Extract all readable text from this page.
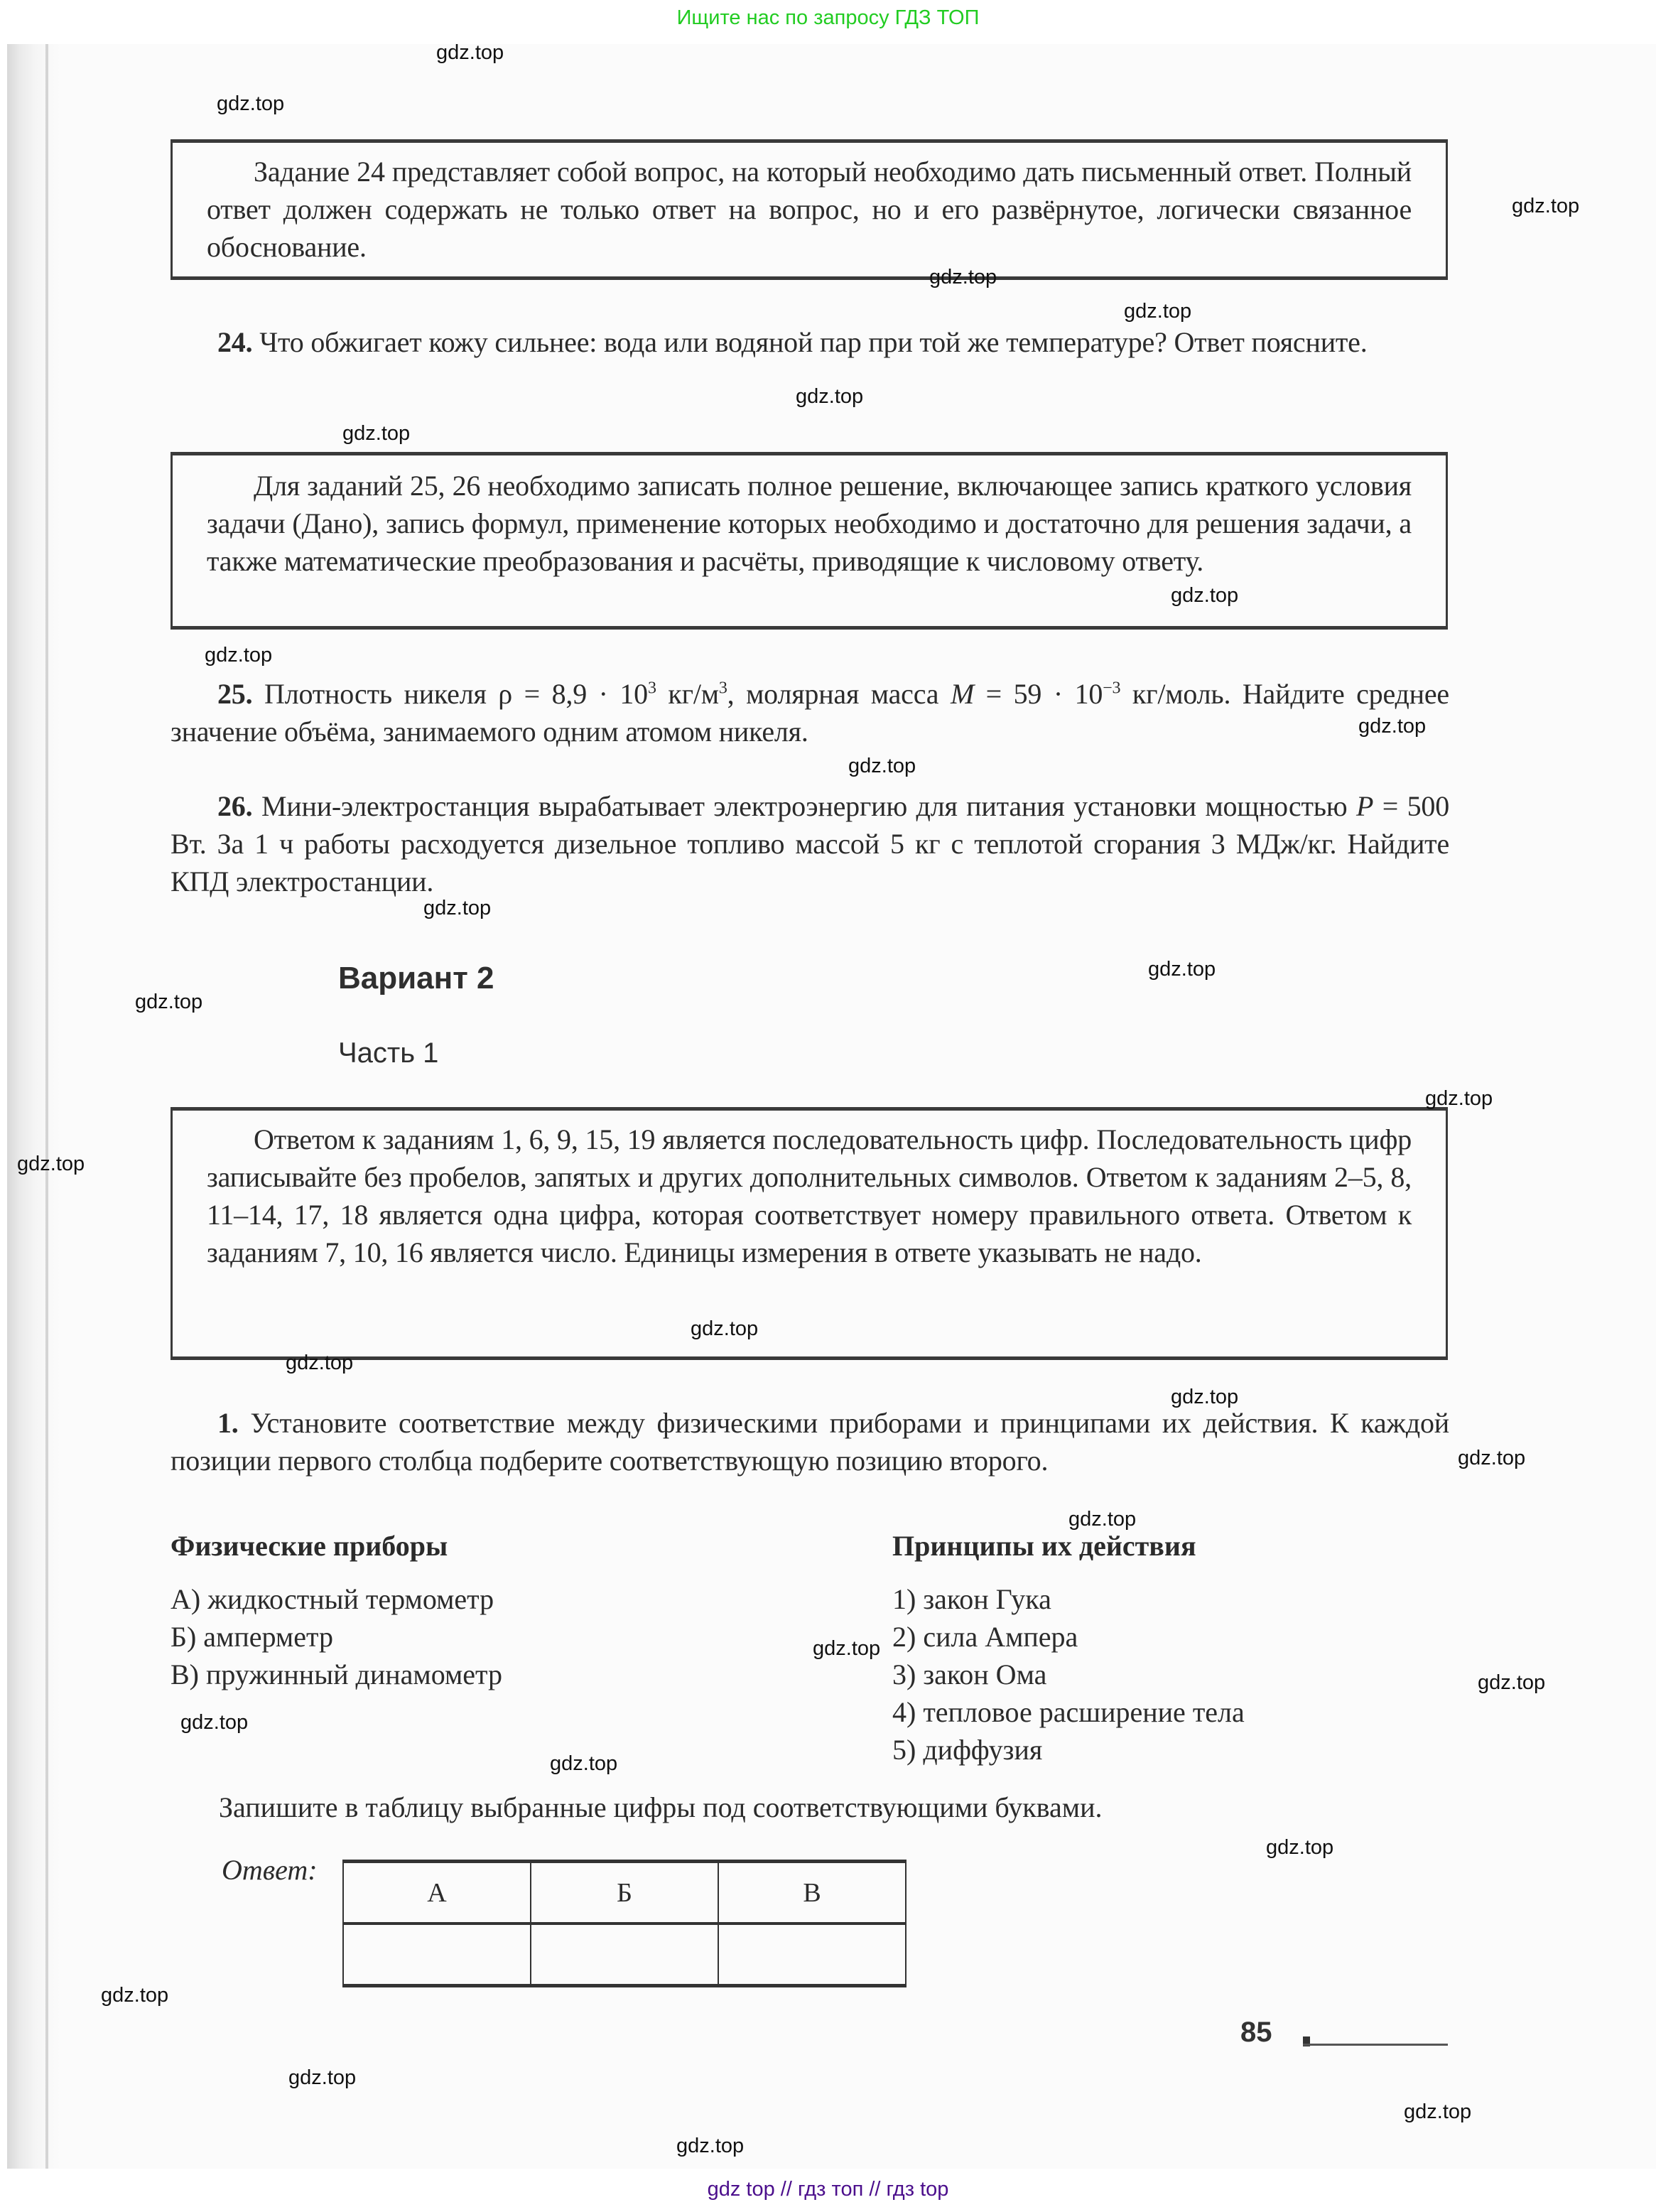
Ищите нас по запросу ГДЗ ТОП
Задание 24 представляет собой вопрос, на который необходимо дать письменный ответ. Полный ответ должен содержать не только ответ на вопрос, но и его развёрнутое, логически связанное обоснование.
24. Что обжигает кожу сильнее: вода или водяной пар при той же температуре? Ответ поясните.
Для заданий 25, 26 необходимо записать полное решение, включающее запись краткого условия задачи (Дано), запись формул, применение которых необходимо и достаточно для решения задачи, а также математические преобразования и расчёты, приводящие к числовому ответу.
25. Плотность никеля $\rho = 8,9 \cdot 10^3$ $кг/м^3$, молярная масса $M = 59 \cdot 10^{-3}$ кг/моль. Найдите среднее значение объёма, занимаемого одним атомом никеля.
26. Мини-электростанция вырабатывает электроэнергию для питания установки мощностью P = 500 Вт. За 1 ч работы расходуется дизельное топливо массой 5 кг с теплотой сгорания 3 МДж/кг. Найдите КПД электростанции.
Вариант 2
Часть 1
Ответом к заданиям 1, 6, 9, 15, 19 является последовательность цифр. Последовательность цифр записывайте без пробелов, запятых и других дополнительных символов. Ответом к заданиям 2–5, 8, 11–14, 17, 18 является одна цифра, которая соответствует номеру правильного ответа. Ответом к заданиям 7, 10, 16 является число. Единицы измерения в ответе указывать не надо.
1. Установите соответствие между физическими приборами и принципами их действия. К каждой позиции первого столбца подберите соответствующую позицию второго.
Физические приборы	Принципы их действия
А) жидкостный термометр
Б) амперметр
В) пружинный динамометр
1) закон Гука
2) сила Ампера
3) закон Ома
4) тепловое расширение тела
5) диффузия
Запишите в таблицу выбранные цифры под соответствующими буквами.
Ответ:
А	Б	В

85
gdz.top
gdz.top
gdz.top
gdz.top
gdz.top
gdz.top
gdz.top
gdz.top
gdz.top
gdz.top
gdz.top
gdz.top
gdz.top
gdz.top
gdz.top
gdz.top
gdz.top
gdz.top
gdz.top
gdz.top
gdz.top
gdz.top
gdz.top
gdz.top
gdz.top
gdz.top
gdz.top
gdz.top
gdz.top
gdz.top
gdz top // гдз топ // гдз top
